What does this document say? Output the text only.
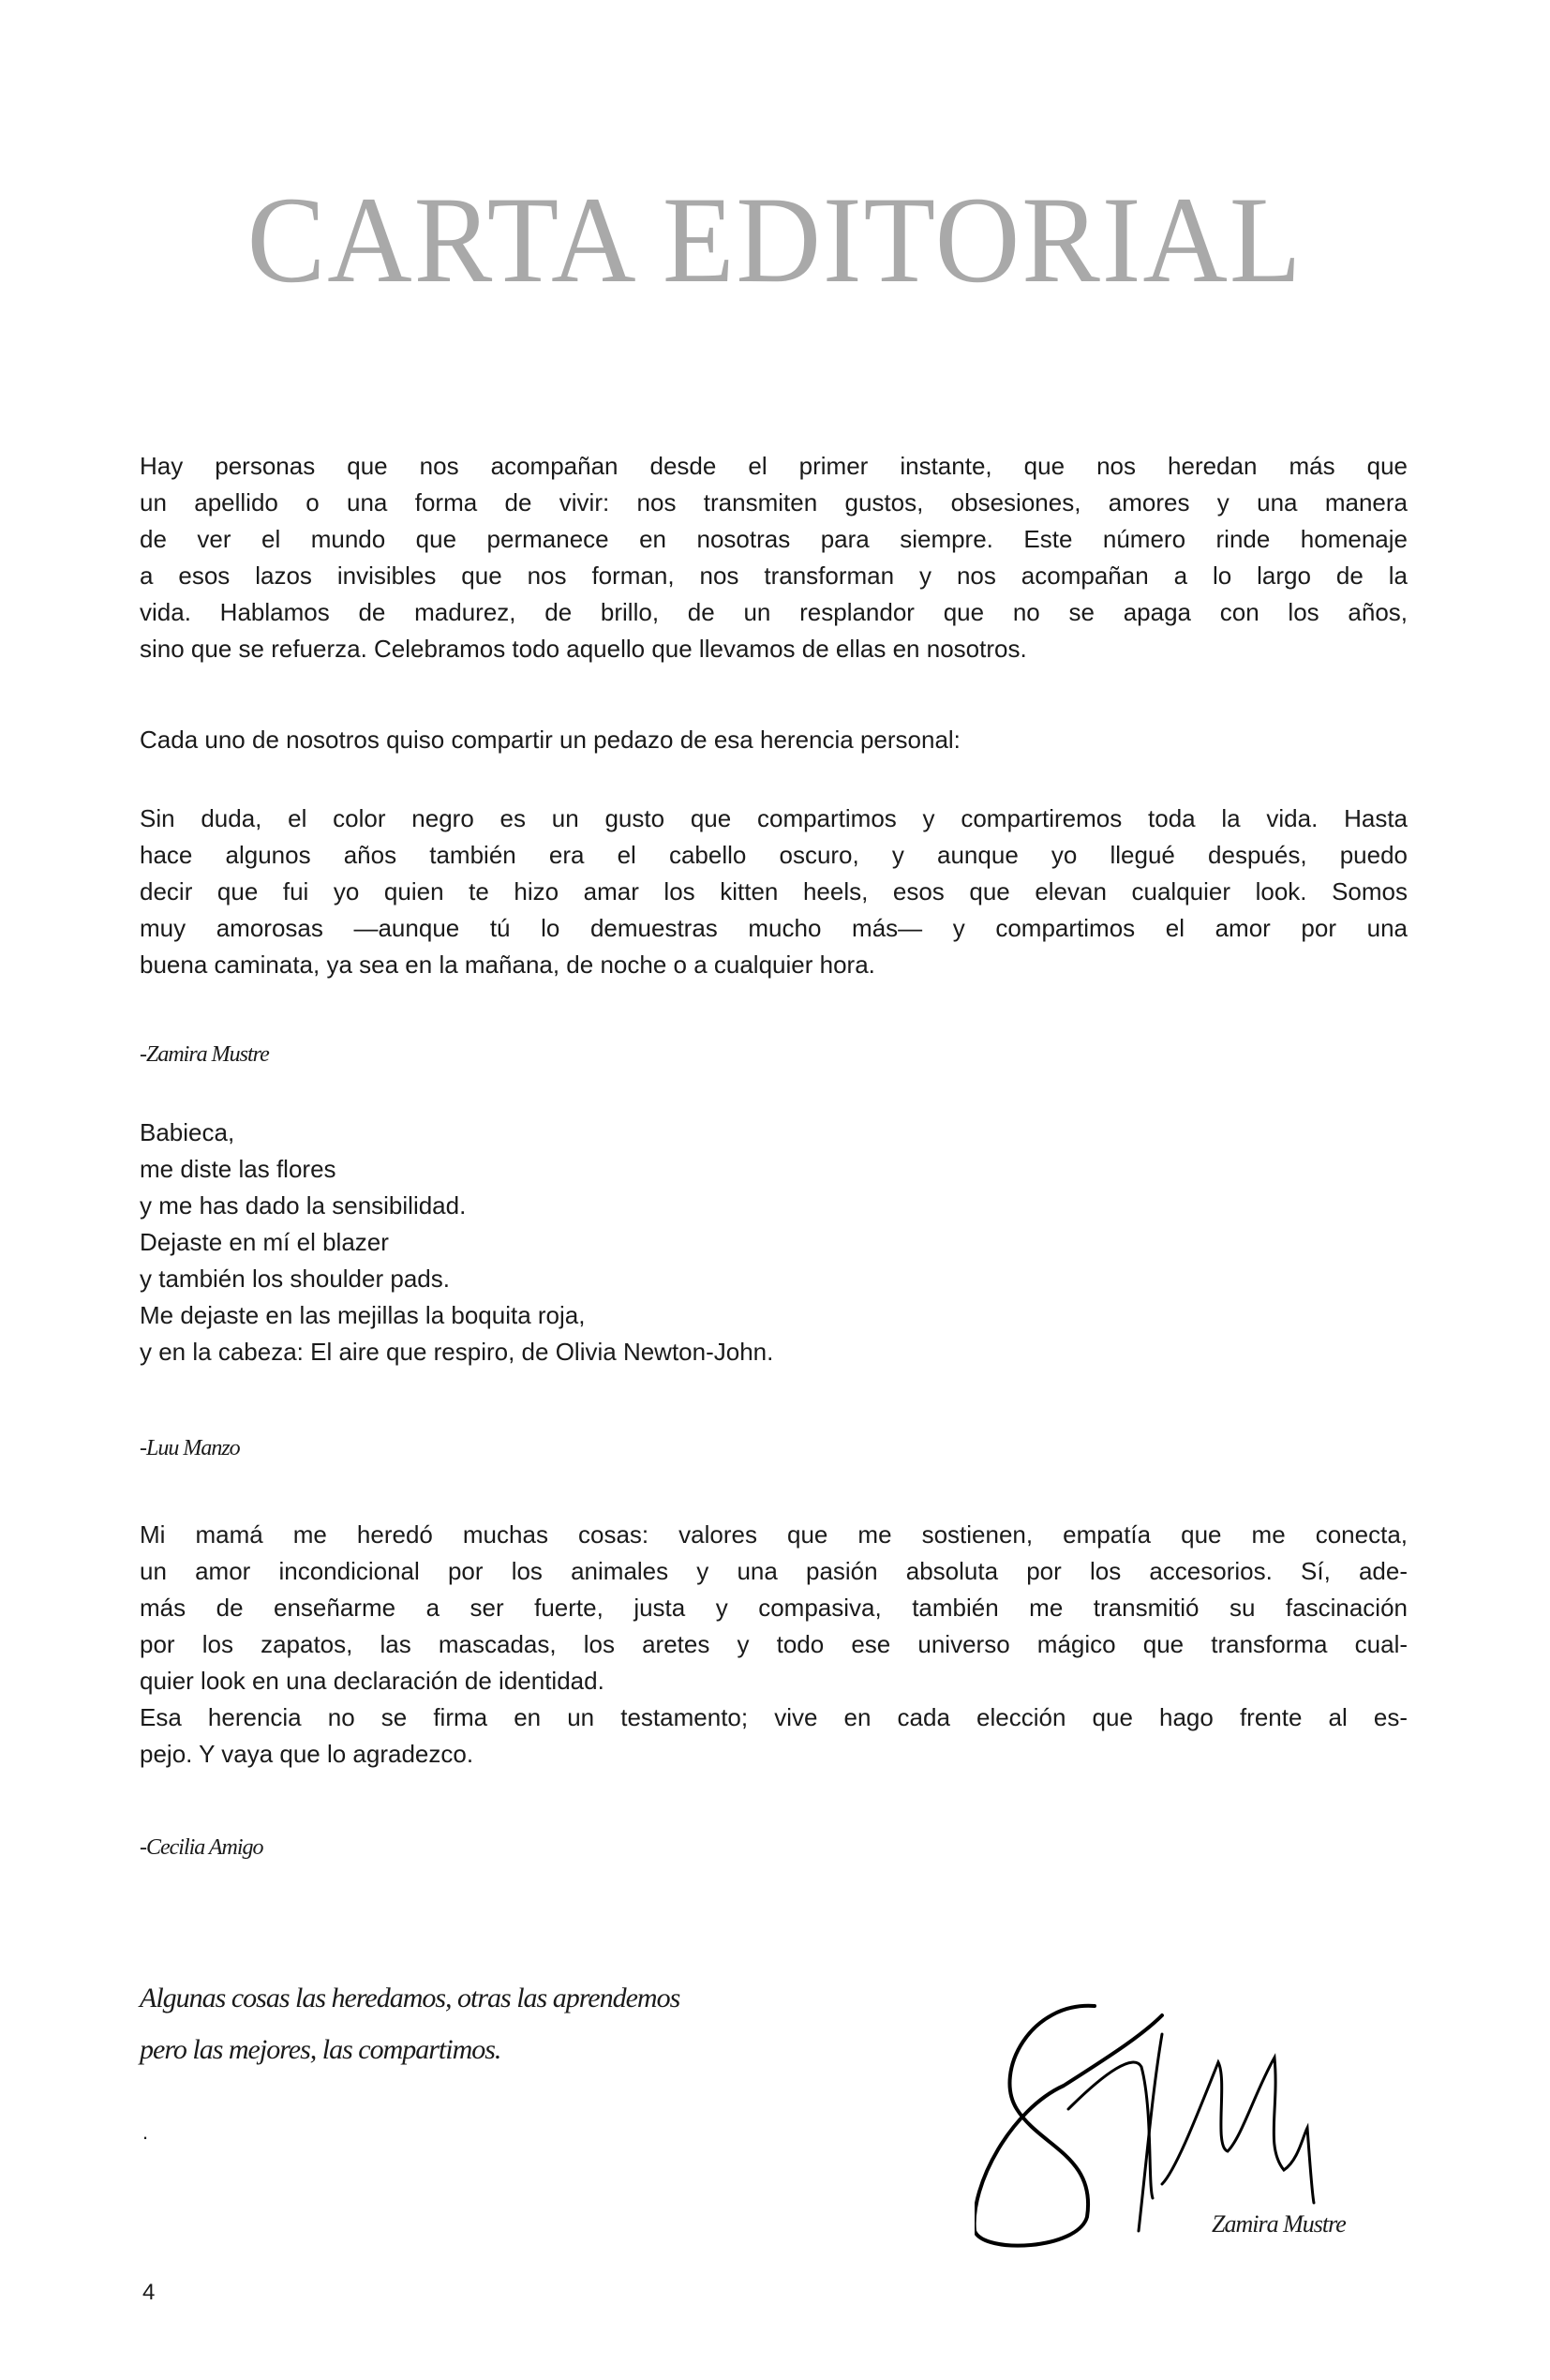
CARTA EDITORIAL
Hay personas que nos acompañan desde el primer instante, que nos heredan más que
un apellido o una forma de vivir: nos transmiten gustos, obsesiones, amores y una manera
de ver el mundo que permanece en nosotras para siempre. Este número rinde homenaje
a esos lazos invisibles que nos forman, nos transforman y nos acompañan a lo largo de la
vida. Hablamos de madurez, de brillo, de un resplandor que no se apaga con los años,
sino que se refuerza. Celebramos todo aquello que llevamos de ellas en nosotros.
Cada uno de nosotros quiso compartir un pedazo de esa herencia personal:
Sin duda, el color negro es un gusto que compartimos y compartiremos toda la vida. Hasta
hace algunos años también era el cabello oscuro, y aunque yo llegué después, puedo
decir que fui yo quien te hizo amar los kitten heels, esos que elevan cualquier look. Somos
muy amorosas —aunque tú lo demuestras mucho más— y compartimos el amor por una
buena caminata, ya sea en la mañana, de noche o a cualquier hora.
-Zamira Mustre
Babieca,
me diste las flores
y me has dado la sensibilidad.
Dejaste en mí el blazer
y también los shoulder pads.
Me dejaste en las mejillas la boquita roja,
y en la cabeza: El aire que respiro, de Olivia Newton-John.
-Luu Manzo
Mi mamá me heredó muchas cosas: valores que me sostienen, empatía que me conecta,
un amor incondicional por los animales y una pasión absoluta por los accesorios. Sí, ade-
más de enseñarme a ser fuerte, justa y compasiva, también me transmitió su fascinación
por los zapatos, las mascadas, los aretes y todo ese universo mágico que transforma cual-
quier look en una declaración de identidad.
Esa herencia no se firma en un testamento; vive en cada elección que hago frente al es-
pejo. Y vaya que lo agradezco.
-Cecilia Amigo
Algunas cosas las heredamos, otras las aprendemos
pero las mejores, las compartimos.
.
Zamira Mustre
4
